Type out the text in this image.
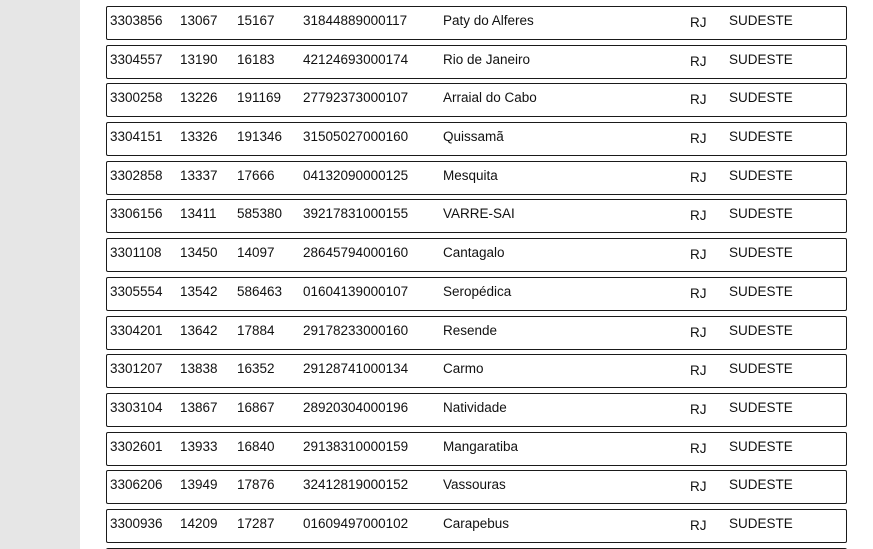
3303856 13067 15167 31844889000117	Paty do Alferes	RJ SUDESTE
3304557 13190 16183 42124693000174	Rio de Janeiro	RJ SUDESTE
3300258 13226 191169 27792373000107	Arraial do Cabo	RJ SUDESTE
3304151 13326 191346 31505027000160	Quissamã	RJ SUDESTE
3302858 13337 17666 04132090000125	Mesquita	RJ SUDESTE
3306156 13411 585380 39217831000155	VARRE-SAI	RJ SUDESTE
3301108 13450 14097 28645794000160	Cantagalo	RJ SUDESTE
3305554 13542 586463 01604139000107	Seropédica	RJ SUDESTE
3304201 13642 17884 29178233000160	Resende	RJ SUDESTE
3301207 13838 16352 29128741000134	Carmo	RJ SUDESTE
3303104 13867 16867 28920304000196	Natividade	RJ SUDESTE
3302601 13933 16840 29138310000159	Mangaratiba	RJ SUDESTE
3306206 13949 17876 32412819000152	Vassouras	RJ SUDESTE
3300936 14209 17287 01609497000102	Carapebus	RJ SUDESTE
